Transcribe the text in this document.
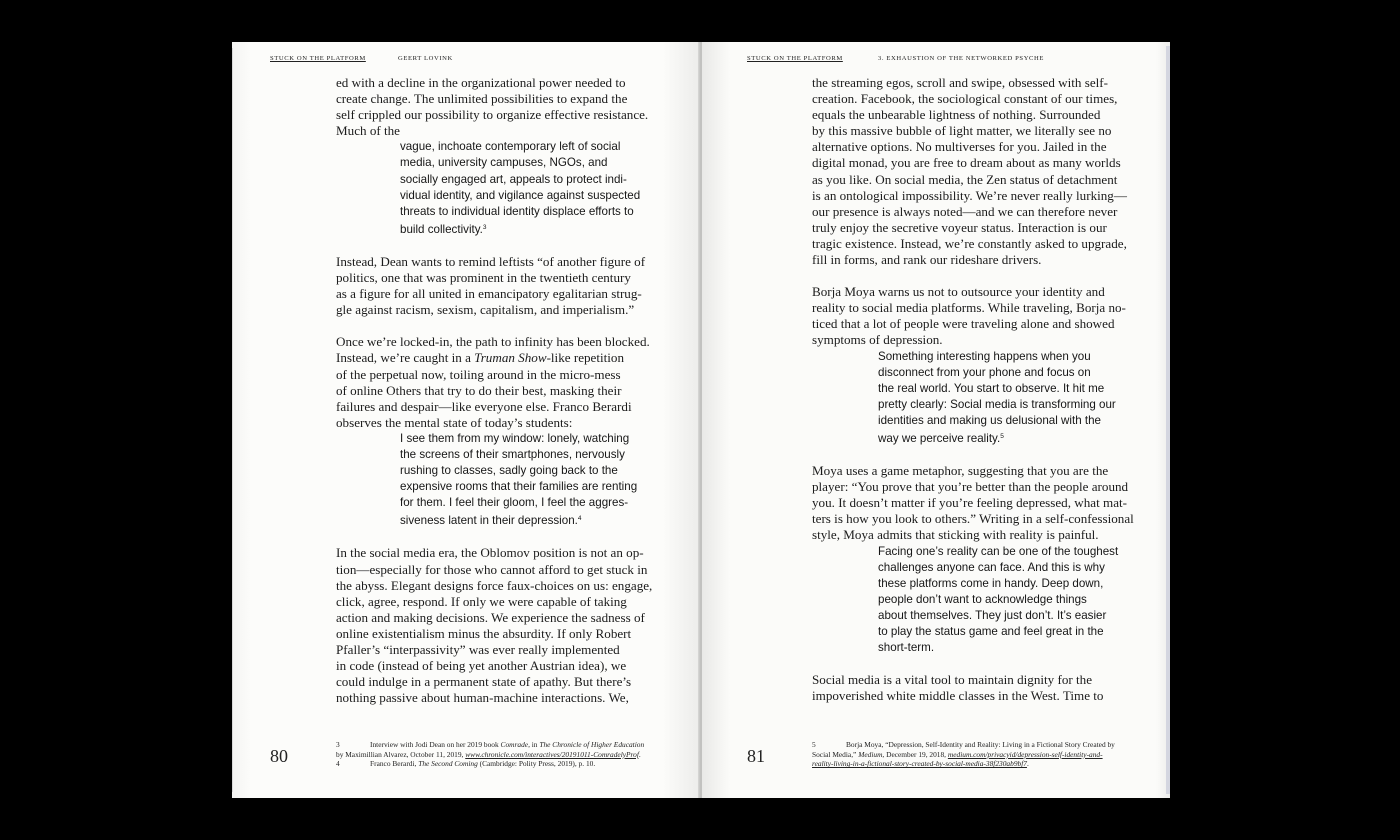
STUCK ON THE PLATFORM	GEERT LOVINK

ed with a decline in the organizational power needed to
create change. The unlimited possibilities to expand the
self crippled our possibility to organize effective resistance.
Much of the

vague, inchoate contemporary left of social
media, university campuses, NGOs, and
socially engaged art, appeals to protect indi-
vidual identity, and vigilance against suspected
threats to individual identity displace efforts to
build collectivity.$^3$

Instead, Dean wants to remind leftists “of another figure of
politics, one that was prominent in the twentieth century
as a figure for all united in emancipatory egalitarian strug-
gle against racism, sexism, capitalism, and imperialism.”

Once we’re locked-in, the path to infinity has been blocked.
Instead, we’re caught in a Truman Show-like repetition
of the perpetual now, toiling around in the micro-mess
of online Others that try to do their best, masking their
failures and despair—like everyone else. Franco Berardi
observes the mental state of today’s students:

I see them from my window: lonely, watching
the screens of their smartphones, nervously
rushing to classes, sadly going back to the
expensive rooms that their families are renting
for them. I feel their gloom, I feel the aggres-
siveness latent in their depression.$^4$

In the social media era, the Oblomov position is not an op-
tion—especially for those who cannot afford to get stuck in
the abyss. Elegant designs force faux-choices on us: engage,
click, agree, respond. If only we were capable of taking
action and making decisions. We experience the sadness of
online existentialism minus the absurdity. If only Robert
Pfaller’s “interpassivity” was ever really implemented
in code (instead of being yet another Austrian idea), we
could indulge in a permanent state of apathy. But there’s
nothing passive about human-machine interactions. We,

80

3	Interview with Jodi Dean on her 2019 book Comrade, in The Chronicle of Higher Education
by Maximillian Alvarez, October 11, 2019, www.chronicle.com/interactives/20191011-ComradelyProf.

4	Franco Berardi, The Second Coming (Cambridge: Polity Press, 2019), p. 10.

STUCK ON THE PLATFORM	3. EXHAUSTION OF THE NETWORKED PSYCHE

the streaming egos, scroll and swipe, obsessed with self-
creation. Facebook, the sociological constant of our times,
equals the unbearable lightness of nothing. Surrounded
by this massive bubble of light matter, we literally see no
alternative options. No multiverses for you. Jailed in the
digital monad, you are free to dream about as many worlds
as you like. On social media, the Zen status of detachment
is an ontological impossibility. We’re never really lurking—
our presence is always noted—and we can therefore never
truly enjoy the secretive voyeur status. Interaction is our
tragic existence. Instead, we’re constantly asked to upgrade,
fill in forms, and rank our rideshare drivers.

Borja Moya warns us not to outsource your identity and
reality to social media platforms. While traveling, Borja no-
ticed that a lot of people were traveling alone and showed
symptoms of depression.

Something interesting happens when you
disconnect from your phone and focus on
the real world. You start to observe. It hit me
pretty clearly: Social media is transforming our
identities and making us delusional with the
way we perceive reality.$^5$

Moya uses a game metaphor, suggesting that you are the
player: “You prove that you’re better than the people around
you. It doesn’t matter if you’re feeling depressed, what mat-
ters is how you look to others.” Writing in a self-confessional
style, Moya admits that sticking with reality is painful.

Facing one’s reality can be one of the toughest
challenges anyone can face. And this is why
these platforms come in handy. Deep down,
people don’t want to acknowledge things
about themselves. They just don’t. It’s easier
to play the status game and feel great in the
short-term.

Social media is a vital tool to maintain dignity for the
impoverished white middle classes in the West. Time to

81

5	Borja Moya, “Depression, Self-Identity and Reality: Living in a Fictional Story Created by
Social Media,” Medium, December 19, 2018, medium.com/privacyid/depression-self-identity-and-
reality-living-in-a-fictional-story-created-by-social-media-38f230ab9bf7.
